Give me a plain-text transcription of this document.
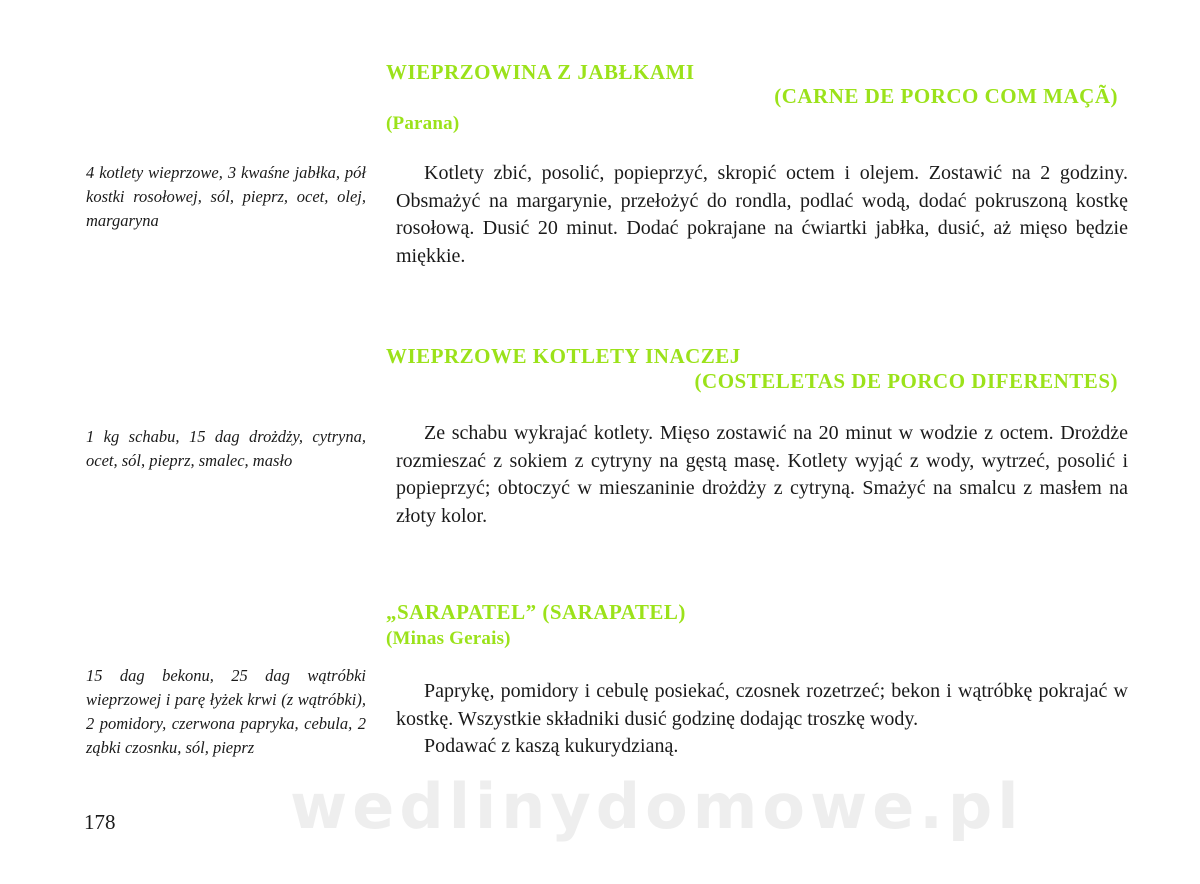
WIEPRZOWINA Z JABŁKAMI
(CARNE DE PORCO COM MAÇÃ)
(Parana)

4 kotlety wieprzowe, 3 kwaśne jabłka, pół kostki rosołowej, sól, pieprz, ocet, olej, margaryna

Kotlety zbić, posolić, popieprzyć, skropić octem i olejem. Zostawić na 2 godziny. Obsmażyć na margarynie, przełożyć do rondla, podlać wodą, dodać pokruszoną kostkę rosołową. Dusić 20 minut. Dodać pokrajane na ćwiartki jabłka, dusić, aż mięso będzie miękkie.

WIEPRZOWE KOTLETY INACZEJ
(COSTELETAS DE PORCO DIFERENTES)

1 kg schabu, 15 dag drożdży, cytryna, ocet, sól, pieprz, smalec, masło

Ze schabu wykrajać kotlety. Mięso zostawić na 20 minut w wodzie z octem. Drożdże rozmieszać z sokiem z cytryny na gęstą masę. Kotlety wyjąć z wody, wytrzeć, posolić i popieprzyć; obtoczyć w mieszaninie drożdży z cytryną. Smażyć na smalcu z masłem na złoty kolor.

„SARAPATEL” (SARAPATEL)
(Minas Gerais)

15 dag bekonu, 25 dag wątróbki wieprzowej i parę łyżek krwi (z wątróbki), 2 pomidory, czerwona papryka, cebula, 2 ząbki czosnku, sól, pieprz

Paprykę, pomidory i cebulę posiekać, czosnek rozetrzeć; bekon i wątróbkę pokrajać w kostkę. Wszystkie składniki dusić godzinę dodając troszkę wody.

Podawać z kaszą kukurydzianą.

wedlinydomowe.pl
178
